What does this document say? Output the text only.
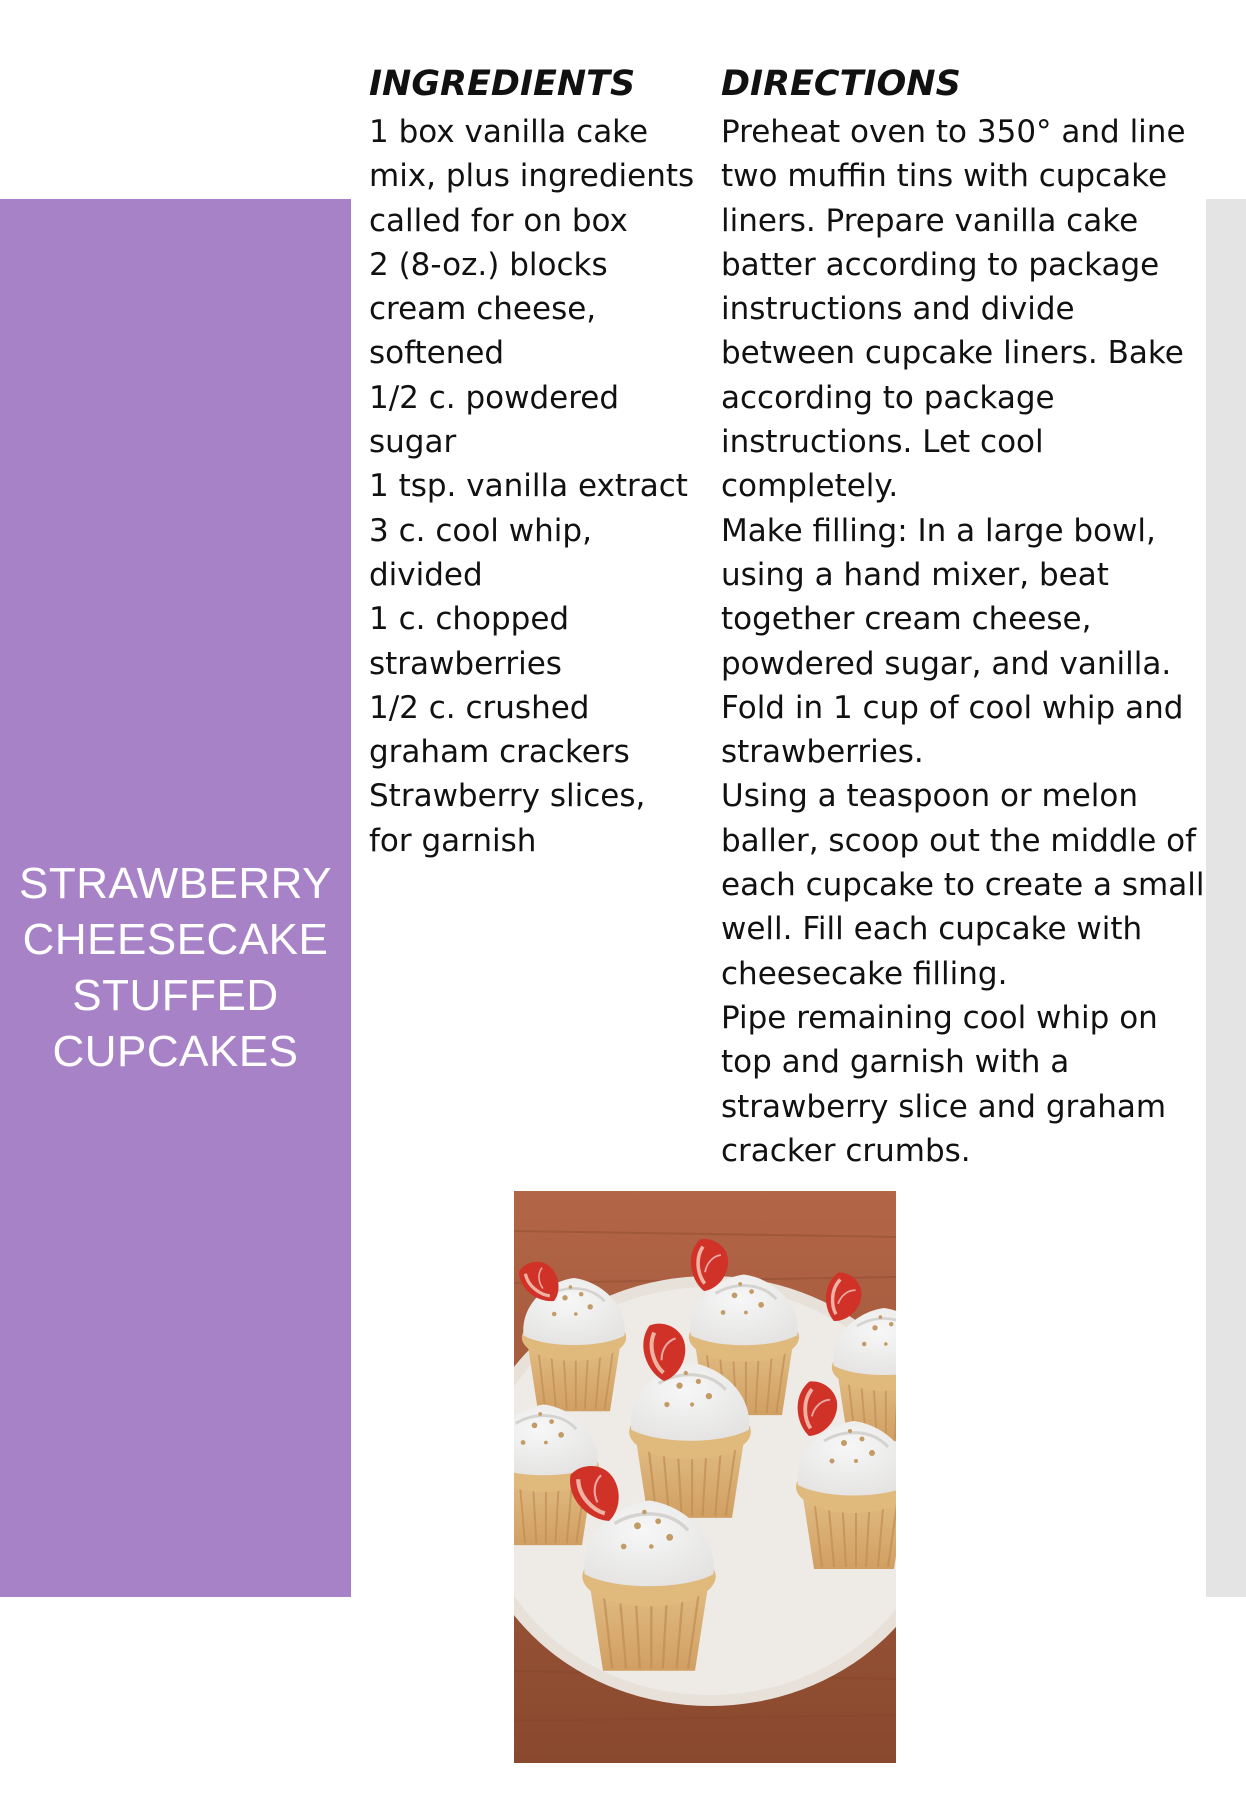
STRAWBERRY
CHEESECAKE
STUFFED
CUPCAKES
INGREDIENTS
1 box vanilla cake
mix, plus ingredients
called for on box
2 (8-oz.) blocks
cream cheese,
softened
1/2 c. powdered
sugar
1 tsp. vanilla extract
3 c. cool whip,
divided
1 c. chopped
strawberries
1/2 c. crushed
graham crackers
Strawberry slices,
for garnish
DIRECTIONS
Preheat oven to 350° and line
two muffin tins with cupcake
liners. Prepare vanilla cake
batter according to package
instructions and divide
between cupcake liners. Bake
according to package
instructions. Let cool
completely.
Make filling: In a large bowl,
using a hand mixer, beat
together cream cheese,
powdered sugar, and vanilla.
Fold in 1 cup of cool whip and
strawberries.
Using a teaspoon or melon
baller, scoop out the middle of
each cupcake to create a small
well. Fill each cupcake with
cheesecake filling.
Pipe remaining cool whip on
top and garnish with a
strawberry slice and graham
cracker crumbs.
